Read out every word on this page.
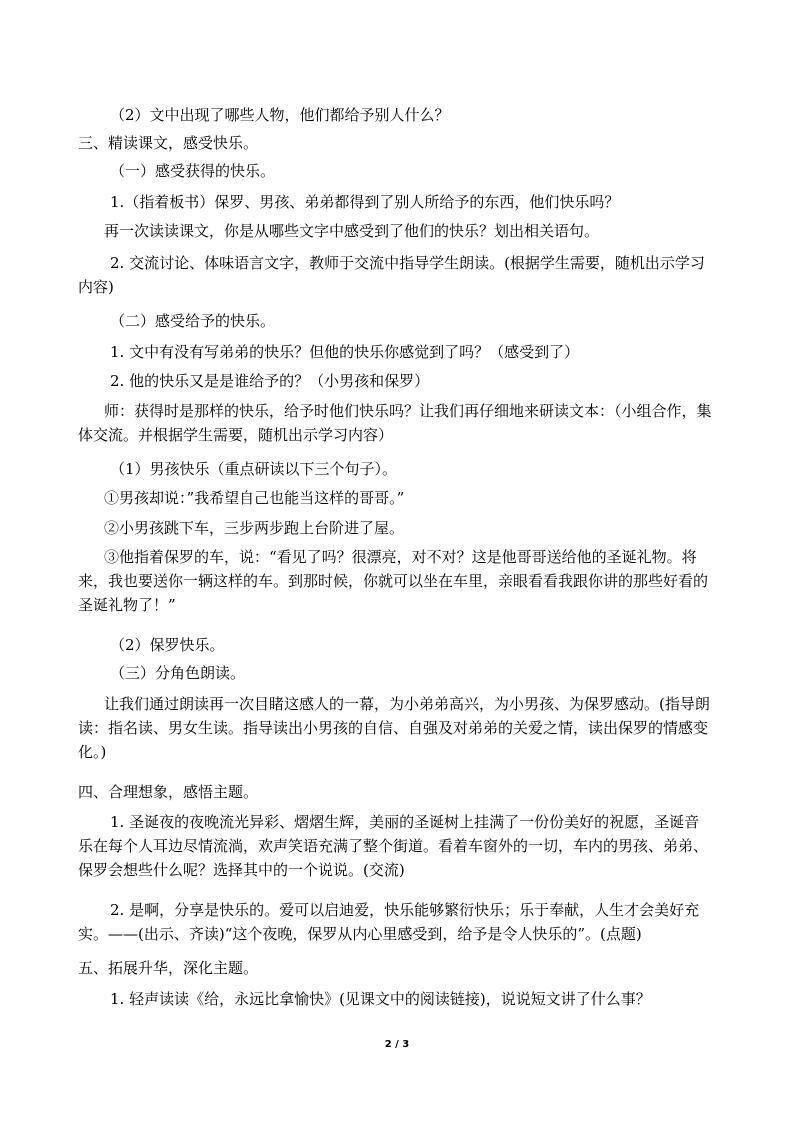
（2）文中出现了哪些人物，他们都给予别人什么？

三、精读课文，感受快乐。

（一）感受获得的快乐。

1.（指着板书）保罗、男孩、弟弟都得到了别人所给予的东西，他们快乐吗？

再一次读读课文，你是从哪些文字中感受到了他们的快乐？划出相关语句。

2. 交流讨论、体味语言文字，教师于交流中指导学生朗读。(根据学生需要，随机出示学习内容)

（二）感受给予的快乐。

1. 文中有没有写弟弟的快乐？但他的快乐你感觉到了吗？（感受到了）

2. 他的快乐又是是谁给予的？（小男孩和保罗）

师：获得时是那样的快乐，给予时他们快乐吗？让我们再仔细地来研读文本：（小组合作，集体交流。并根据学生需要，随机出示学习内容）

（1）男孩快乐（重点研读以下三个句子）。

①男孩却说：”我希望自己也能当这样的哥哥。”

②小男孩跳下车，三步两步跑上台阶进了屋。

③他指着保罗的车，说：“看见了吗？很漂亮，对不对？这是他哥哥送给他的圣诞礼物。将来，我也要送你一辆这样的车。到那时候，你就可以坐在车里，亲眼看看我跟你讲的那些好看的圣诞礼物了！”

（2）保罗快乐。

（三）分角色朗读。

让我们通过朗读再一次目睹这感人的一幕，为小弟弟高兴，为小男孩、为保罗感动。(指导朗读：指名读、男女生读。指导读出小男孩的自信、自强及对弟弟的关爱之情，读出保罗的情感变化。)

四、合理想象，感悟主题。

1. 圣诞夜的夜晚流光异彩、熠熠生辉，美丽的圣诞树上挂满了一份份美好的祝愿，圣诞音乐在每个人耳边尽情流淌，欢声笑语充满了整个街道。看着车窗外的一切，车内的男孩、弟弟、保罗会想些什么呢？选择其中的一个说说。(交流)

2. 是啊，分享是快乐的。爱可以启迪爱，快乐能够繁衍快乐；乐于奉献，人生才会美好充实。——(出示、齐读)“这个夜晚，保罗从内心里感受到，给予是令人快乐的”。(点题)

五、拓展升华，深化主题。

1. 轻声读读《给，永远比拿愉快》(见课文中的阅读链接)，说说短文讲了什么事？

2 / 3
